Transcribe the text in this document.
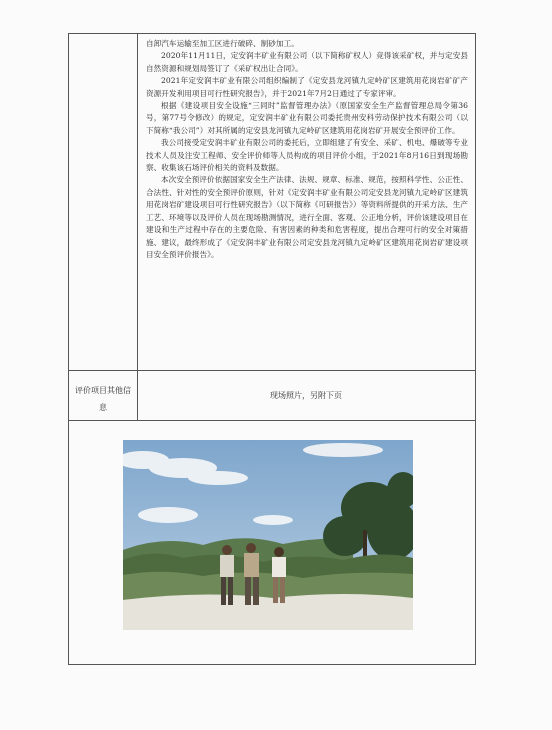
自卸汽车运输至加工区进行破碎、制砂加工。

2020年11月11日，定安润丰矿业有限公司（以下简称矿权人）竞得该采矿权，并与定安县自然资源和规划局签订了《采矿权出让合同》。

2021年定安润丰矿业有限公司组织编制了《定安县龙河镇九定岭矿区建筑用花岗岩矿矿产资源开发利用项目可行性研究报告》，并于2021年7月2日通过了专家评审。

根据《建设项目安全设施“三同时”监督管理办法》（原国家安全生产监督管理总局令第36号，第77号令修改）的规定，定安润丰矿业有限公司委托贵州安科劳动保护技术有限公司（以下简称“我公司”）对其所属的定安县龙河镇九定岭矿区建筑用花岗岩矿开展安全预评价工作。

我公司接受定安润丰矿业有限公司的委托后，立即组建了有安全、采矿、机电、爆破等专业技术人员及注安工程师、安全评价师等人员构成的项目评价小组，于2021年8月16日到现场勘察、收集该石场评价相关的资料及数据。

本次安全预评价依据国家安全生产法律、法规、规章、标准、规范，按照科学性、公正性、合法性、针对性的安全预评价原则，针对《定安润丰矿业有限公司定安县龙河镇九定岭矿区建筑用花岗岩矿建设项目可行性研究报告》（以下简称《可研报告》）等资料所提供的开采方法、生产工艺、环境等以及评价人员在现场勘测情况，进行全面、客观、公正地分析，评价该建设项目在建设和生产过程中存在的主要危险、有害因素的种类和危害程度，提出合理可行的安全对策措施、建议，最终形成了《定安润丰矿业有限公司定安县龙河镇九定岭矿区建筑用花岗岩矿建设项目安全预评价报告》。

评价项目其他信息
现场照片，另附下页
